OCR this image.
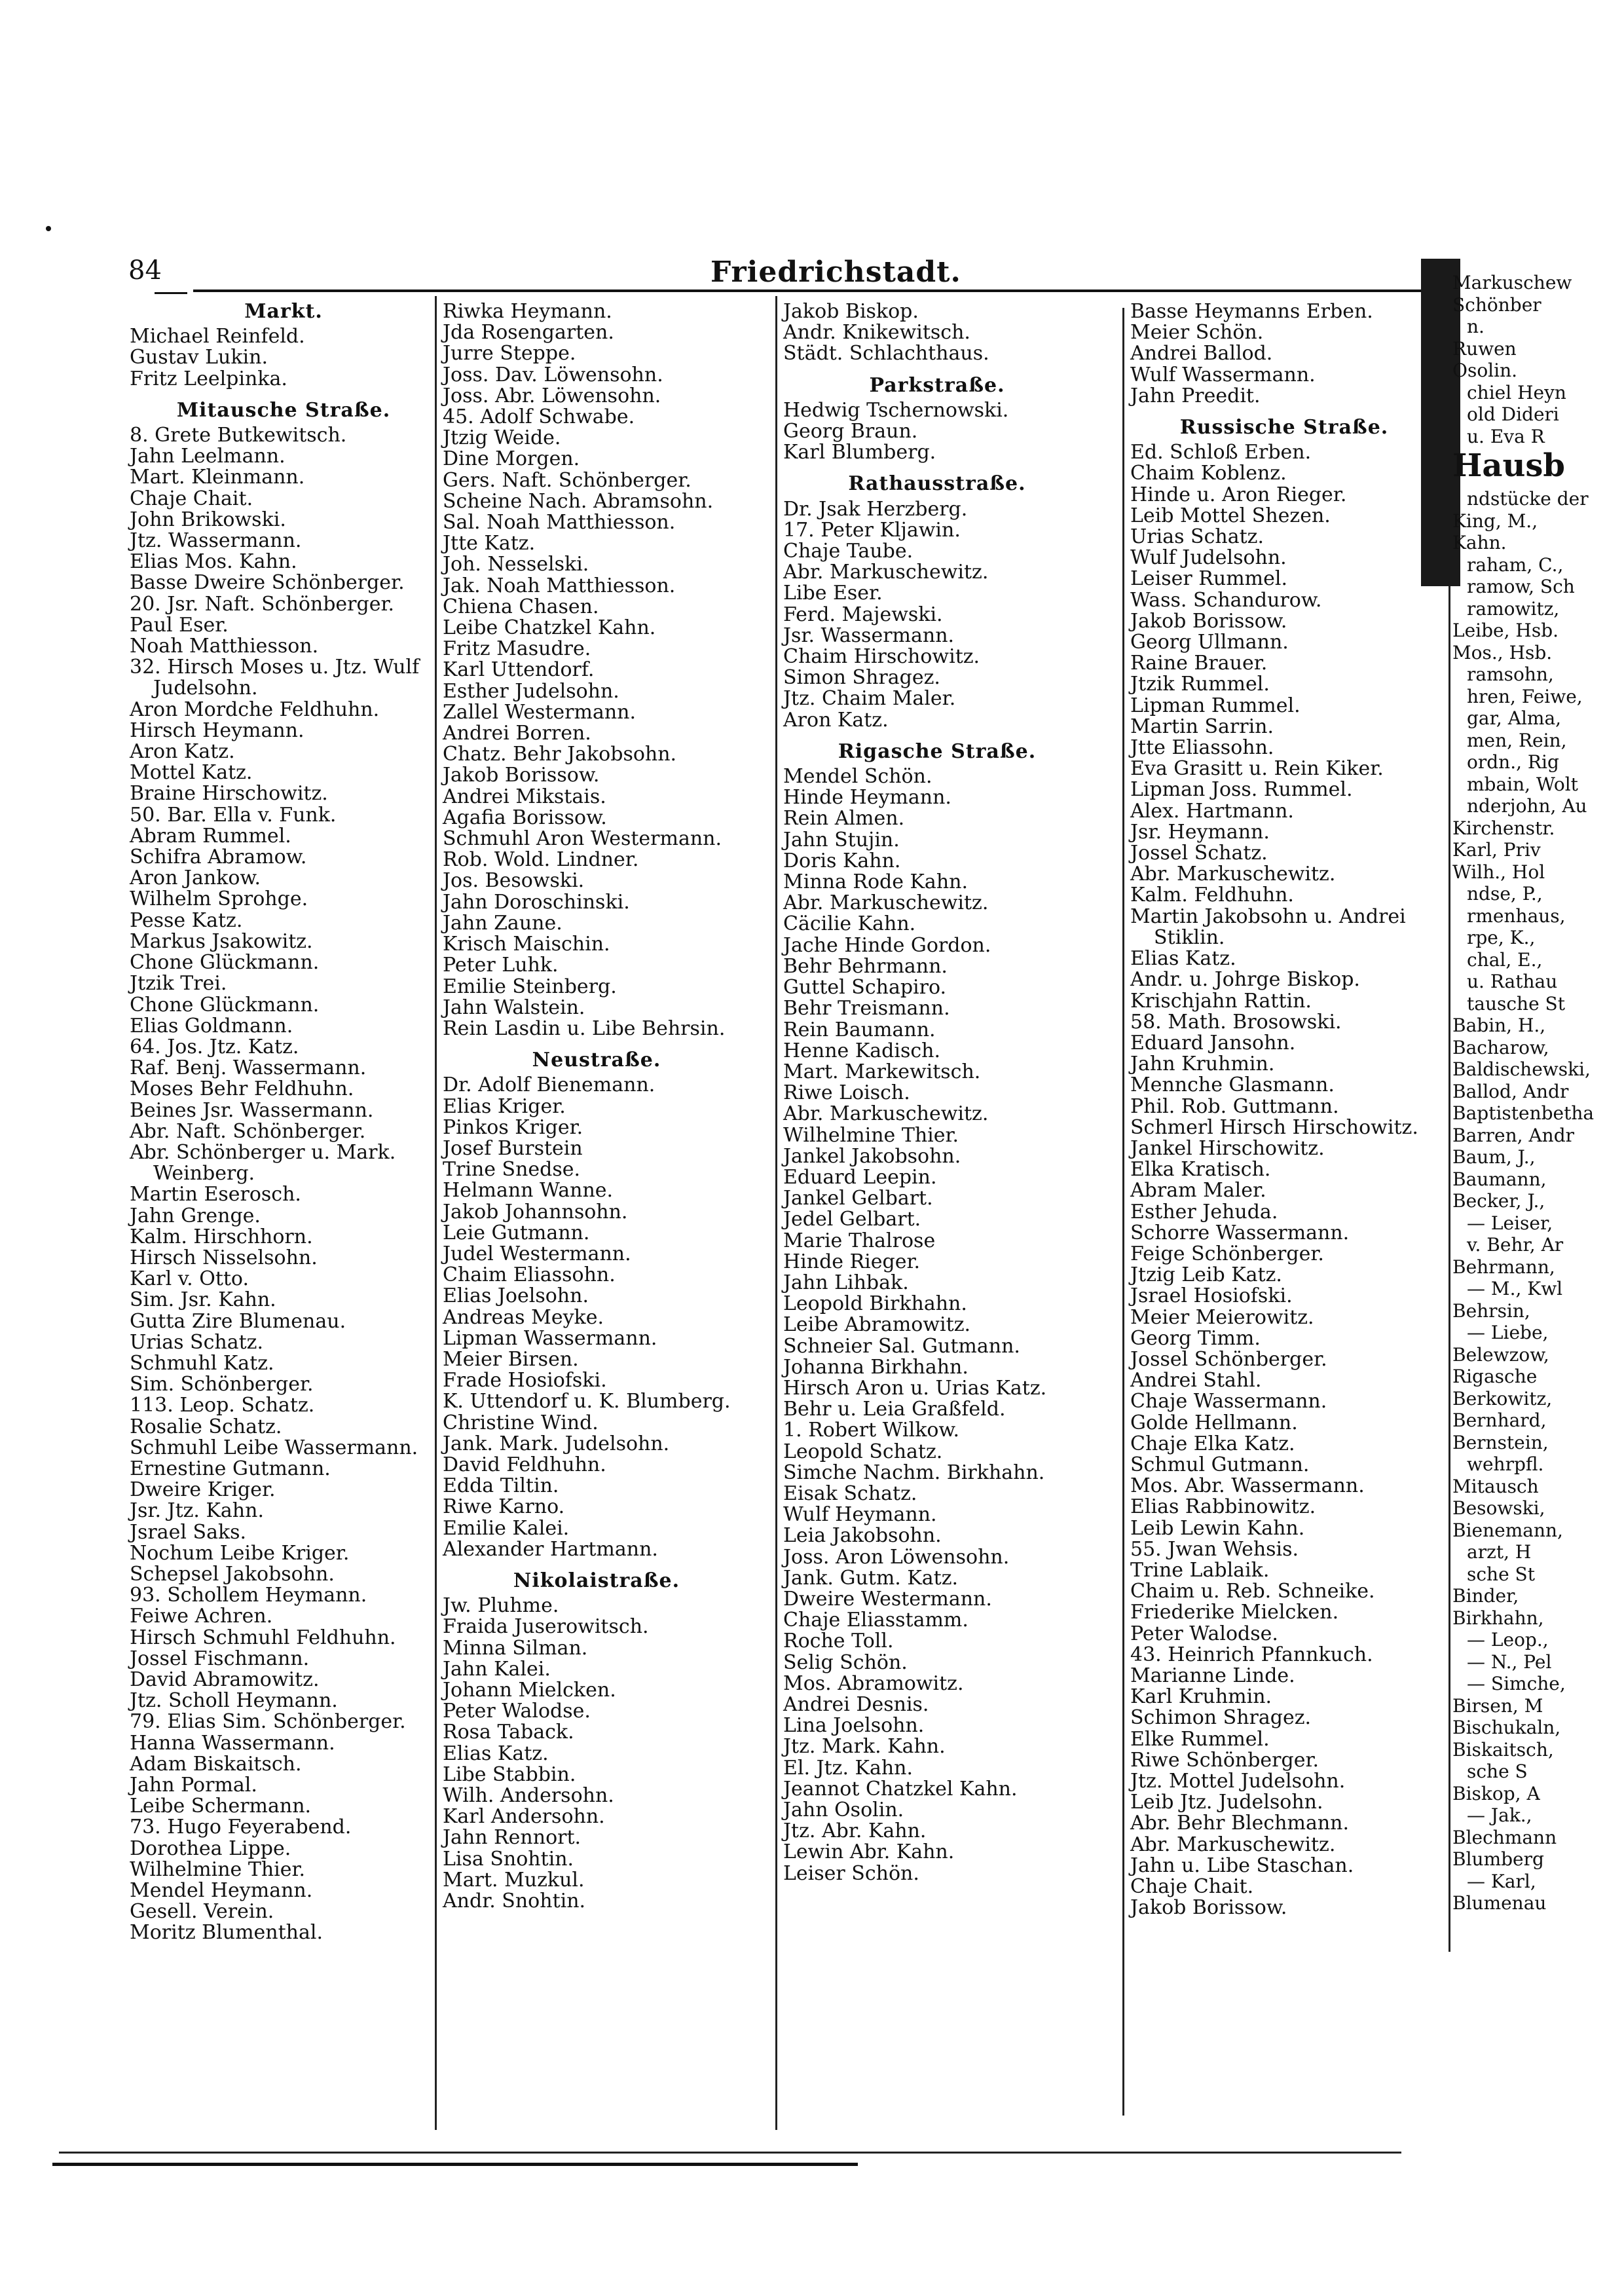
84	Friedrichstadt.
Markt.
Michael Reinfeld.
Gustav Lukin.
Fritz Leelpinka.
Mitausche Straße.
8. Grete Butkewitsch.
Jahn Leelmann.
Mart. Kleinmann.
Chaje Chait.
John Brikowski.
Jtz. Wassermann.
Elias Mos. Kahn.
Basse Dweire Schönberger.
20. Jsr. Naft. Schönberger.
Paul Eser.
Noah Matthiesson.
32. Hirsch Moses u. Jtz. Wulf
Judelsohn.
Aron Mordche Feldhuhn.
Hirsch Heymann.
Aron Katz.
Mottel Katz.
Braine Hirschowitz.
50. Bar. Ella v. Funk.
Abram Rummel.
Schifra Abramow.
Aron Jankow.
Wilhelm Sprohge.
Pesse Katz.
Markus Jsakowitz.
Chone Glückmann.
Jtzik Trei.
Chone Glückmann.
Elias Goldmann.
64. Jos. Jtz. Katz.
Raf. Benj. Wassermann.
Moses Behr Feldhuhn.
Beines Jsr. Wassermann.
Abr. Naft. Schönberger.
Abr. Schönberger u. Mark.
Weinberg.
Martin Eserosch.
Jahn Grenge.
Kalm. Hirschhorn.
Hirsch Nisselsohn.
Karl v. Otto.
Sim. Jsr. Kahn.
Gutta Zire Blumenau.
Urias Schatz.
Schmuhl Katz.
Sim. Schönberger.
113. Leop. Schatz.
Rosalie Schatz.
Schmuhl Leibe Wassermann.
Ernestine Gutmann.
Dweire Kriger.
Jsr. Jtz. Kahn.
Jsrael Saks.
Nochum Leibe Kriger.
Schepsel Jakobsohn.
93. Schollem Heymann.
Feiwe Achren.
Hirsch Schmuhl Feldhuhn.
Jossel Fischmann.
David Abramowitz.
Jtz. Scholl Heymann.
79. Elias Sim. Schönberger.
Hanna Wassermann.
Adam Biskaitsch.
Jahn Pormal.
Leibe Schermann.
73. Hugo Feyerabend.
Dorothea Lippe.
Wilhelmine Thier.
Mendel Heymann.
Gesell. Verein.
Moritz Blumenthal.
Riwka Heymann.
Jda Rosengarten.
Jurre Steppe.
Joss. Dav. Löwensohn.
Joss. Abr. Löwensohn.
45. Adolf Schwabe.
Jtzig Weide.
Dine Morgen.
Gers. Naft. Schönberger.
Scheine Nach. Abramsohn.
Sal. Noah Matthiesson.
Jtte Katz.
Joh. Nesselski.
Jak. Noah Matthiesson.
Chiena Chasen.
Leibe Chatzkel Kahn.
Fritz Masudre.
Karl Uttendorf.
Esther Judelsohn.
Zallel Westermann.
Andrei Borren.
Chatz. Behr Jakobsohn.
Jakob Borissow.
Andrei Mikstais.
Agafia Borissow.
Schmuhl Aron Westermann.
Rob. Wold. Lindner.
Jos. Besowski.
Jahn Doroschinski.
Jahn Zaune.
Krisch Maischin.
Peter Luhk.
Emilie Steinberg.
Jahn Walstein.
Rein Lasdin u. Libe Behrsin.
Neustraße.
Dr. Adolf Bienemann.
Elias Kriger.
Pinkos Kriger.
Josef Burstein
Trine Snedse.
Helmann Wanne.
Jakob Johannsohn.
Leie Gutmann.
Judel Westermann.
Chaim Eliassohn.
Elias Joelsohn.
Andreas Meyke.
Lipman Wassermann.
Meier Birsen.
Frade Hosiofski.
K. Uttendorf u. K. Blumberg.
Christine Wind.
Jank. Mark. Judelsohn.
David Feldhuhn.
Edda Tiltin.
Riwe Karno.
Emilie Kalei.
Alexander Hartmann.
Nikolaistraße.
Jw. Pluhme.
Fraida Juserowitsch.
Minna Silman.
Jahn Kalei.
Johann Mielcken.
Peter Walodse.
Rosa Taback.
Elias Katz.
Libe Stabbin.
Wilh. Andersohn.
Karl Andersohn.
Jahn Rennort.
Lisa Snohtin.
Mart. Muzkul.
Andr. Snohtin.
Jakob Biskop.
Andr. Knikewitsch.
Städt. Schlachthaus.
Parkstraße.
Hedwig Tschernowski.
Georg Braun.
Karl Blumberg.
Rathausstraße.
Dr. Jsak Herzberg.
17. Peter Kljawin.
Chaje Taube.
Abr. Markuschewitz.
Libe Eser.
Ferd. Majewski.
Jsr. Wassermann.
Chaim Hirschowitz.
Simon Shragez.
Jtz. Chaim Maler.
Aron Katz.
Rigasche Straße.
Mendel Schön.
Hinde Heymann.
Rein Almen.
Jahn Stujin.
Doris Kahn.
Minna Rode Kahn.
Abr. Markuschewitz.
Cäcilie Kahn.
Jache Hinde Gordon.
Behr Behrmann.
Guttel Schapiro.
Behr Treismann.
Rein Baumann.
Henne Kadisch.
Mart. Markewitsch.
Riwe Loisch.
Abr. Markuschewitz.
Wilhelmine Thier.
Jankel Jakobsohn.
Eduard Leepin.
Jankel Gelbart.
Jedel Gelbart.
Marie Thalrose
Hinde Rieger.
Jahn Lihbak.
Leopold Birkhahn.
Leibe Abramowitz.
Schneier Sal. Gutmann.
Johanna Birkhahn.
Hirsch Aron u. Urias Katz.
Behr u. Leia Graßfeld.
1. Robert Wilkow.
Leopold Schatz.
Simche Nachm. Birkhahn.
Eisak Schatz.
Wulf Heymann.
Leia Jakobsohn.
Joss. Aron Löwensohn.
Jank. Gutm. Katz.
Dweire Westermann.
Chaje Eliasstamm.
Roche Toll.
Selig Schön.
Mos. Abramowitz.
Andrei Desnis.
Lina Joelsohn.
Jtz. Mark. Kahn.
El. Jtz. Kahn.
Jeannot Chatzkel Kahn.
Jahn Osolin.
Jtz. Abr. Kahn.
Lewin Abr. Kahn.
Leiser Schön.
Basse Heymanns Erben.
Meier Schön.
Andrei Ballod.
Wulf Wassermann.
Jahn Preedit.
Russische Straße.
Ed. Schloß Erben.
Chaim Koblenz.
Hinde u. Aron Rieger.
Leib Mottel Shezen.
Urias Schatz.
Wulf Judelsohn.
Leiser Rummel.
Wass. Schandurow.
Jakob Borissow.
Georg Ullmann.
Raine Brauer.
Jtzik Rummel.
Lipman Rummel.
Martin Sarrin.
Jtte Eliassohn.
Eva Grasitt u. Rein Kiker.
Lipman Joss. Rummel.
Alex. Hartmann.
Jsr. Heymann.
Jossel Schatz.
Abr. Markuschewitz.
Kalm. Feldhuhn.
Martin Jakobsohn u. Andrei
Stiklin.
Elias Katz.
Andr. u. Johrge Biskop.
Krischjahn Rattin.
58. Math. Brosowski.
Eduard Jansohn.
Jahn Kruhmin.
Mennche Glasmann.
Phil. Rob. Guttmann.
Schmerl Hirsch Hirschowitz.
Jankel Hirschowitz.
Elka Kratisch.
Abram Maler.
Esther Jehuda.
Schorre Wassermann.
Feige Schönberger.
Jtzig Leib Katz.
Jsrael Hosiofski.
Meier Meierowitz.
Georg Timm.
Jossel Schönberger.
Andrei Stahl.
Chaje Wassermann.
Golde Hellmann.
Chaje Elka Katz.
Schmul Gutmann.
Mos. Abr. Wassermann.
Elias Rabbinowitz.
Leib Lewin Kahn.
55. Jwan Wehsis.
Trine Lablaik.
Chaim u. Reb. Schneike.
Friederike Mielcken.
Peter Walodse.
43. Heinrich Pfannkuch.
Marianne Linde.
Karl Kruhmin.
Schimon Shragez.
Elke Rummel.
Riwe Schönberger.
Jtz. Mottel Judelsohn.
Leib Jtz. Judelsohn.
Abr. Behr Blechmann.
Abr. Markuschewitz.
Jahn u. Libe Staschan.
Chaje Chait.
Jakob Borissow.
Markuschew
Schönber
n.
Ruwen
Osolin.
chiel Heyn
old Dideri
u. Eva R
Hausb
ndstücke der
King, M.,
Kahn.
raham, C.,
ramow, Sch
ramowitz,
Leibe, Hsb.
Mos., Hsb.
ramsohn,
hren, Feiwe,
gar, Alma,
men, Rein,
ordn., Rig
mbain, Wolt
nderjohn, Au
Kirchenstr.
Karl, Priv
Wilh., Hol
ndse, P.,
rmenhaus,
rpe, K.,
chal, E.,
u. Rathau
tausche St
Babin, H.,
Bacharow,
Baldischewski,
Ballod, Andr
Baptistenbetha
Barren, Andr
Baum, J.,
Baumann,
Becker, J.,
— Leiser,
v. Behr, Ar
Behrmann,
— M., Kwl
Behrsin,
— Liebe,
Belewzow,
Rigasche
Berkowitz,
Bernhard,
Bernstein,
wehrpfl.
Mitausch
Besowski,
Bienemann,
arzt, H
sche St
Binder,
Birkhahn,
— Leop.,
— N., Pel
— Simche,
Birsen, M
Bischukaln,
Biskaitsch,
sche S
Biskop, A
— Jak.,
Blechmann
Blumberg
— Karl,
Blumenau
